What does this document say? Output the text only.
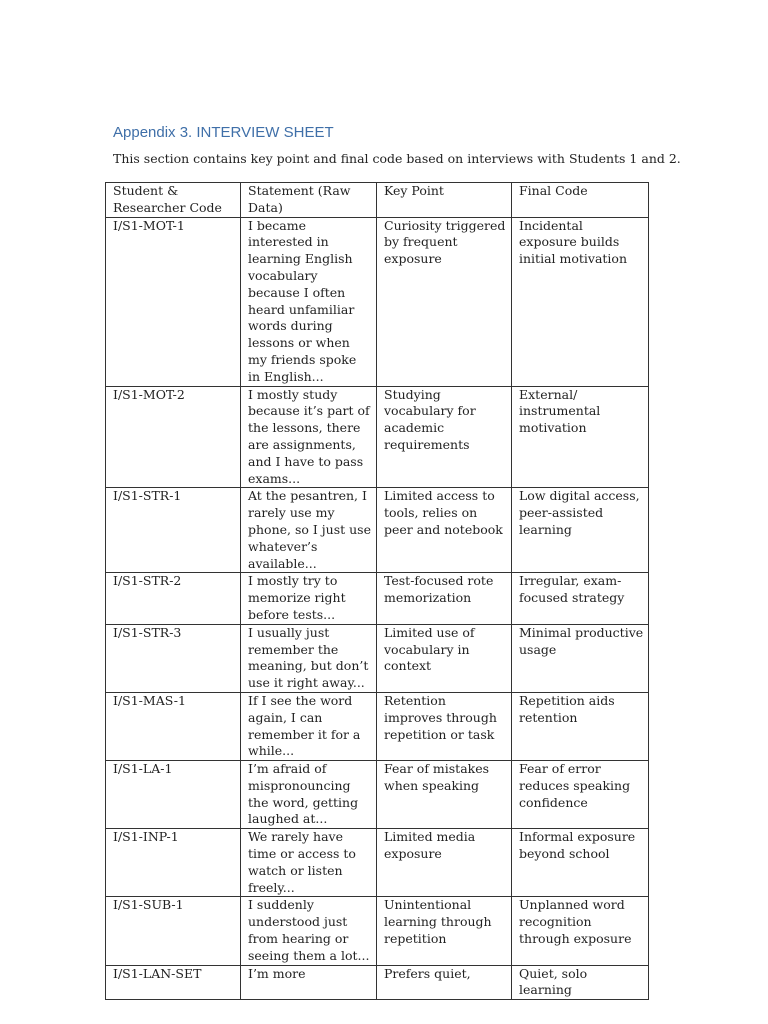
Appendix 3. INTERVIEW SHEET
This section contains key point and final code based on interviews with Students 1 and 2.
Student & Researcher Code	Statement (Raw Data)	Key Point	Final Code
I/S1-MOT-1	I became interested in learning English vocabulary because I often heard unfamiliar words during lessons or when my friends spoke in English...	Curiosity triggered by frequent exposure	Incidental exposure builds initial motivation
I/S1-MOT-2	I mostly study because it’s part of the lessons, there are assignments, and I have to pass exams...	Studying vocabulary for academic requirements	External/ instrumental motivation
I/S1-STR-1	At the pesantren, I rarely use my phone, so I just use whatever’s available...	Limited access to tools, relies on peer and notebook	Low digital access, peer-assisted learning
I/S1-STR-2	I mostly try to memorize right before tests...	Test-focused rote memorization	Irregular, exam-focused strategy
I/S1-STR-3	I usually just remember the meaning, but don’t use it right away...	Limited use of vocabulary in context	Minimal productive usage
I/S1-MAS-1	If I see the word again, I can remember it for a while...	Retention improves through repetition or task	Repetition aids retention
I/S1-LA-1	I’m afraid of mispronouncing the word, getting laughed at...	Fear of mistakes when speaking	Fear of error reduces speaking confidence
I/S1-INP-1	We rarely have time or access to watch or listen freely...	Limited media exposure	Informal exposure beyond school
I/S1-SUB-1	I suddenly understood just from hearing or seeing them a lot...	Unintentional learning through repetition	Unplanned word recognition through exposure
I/S1-LAN-SET	I’m more	Prefers quiet,	Quiet, solo learning
